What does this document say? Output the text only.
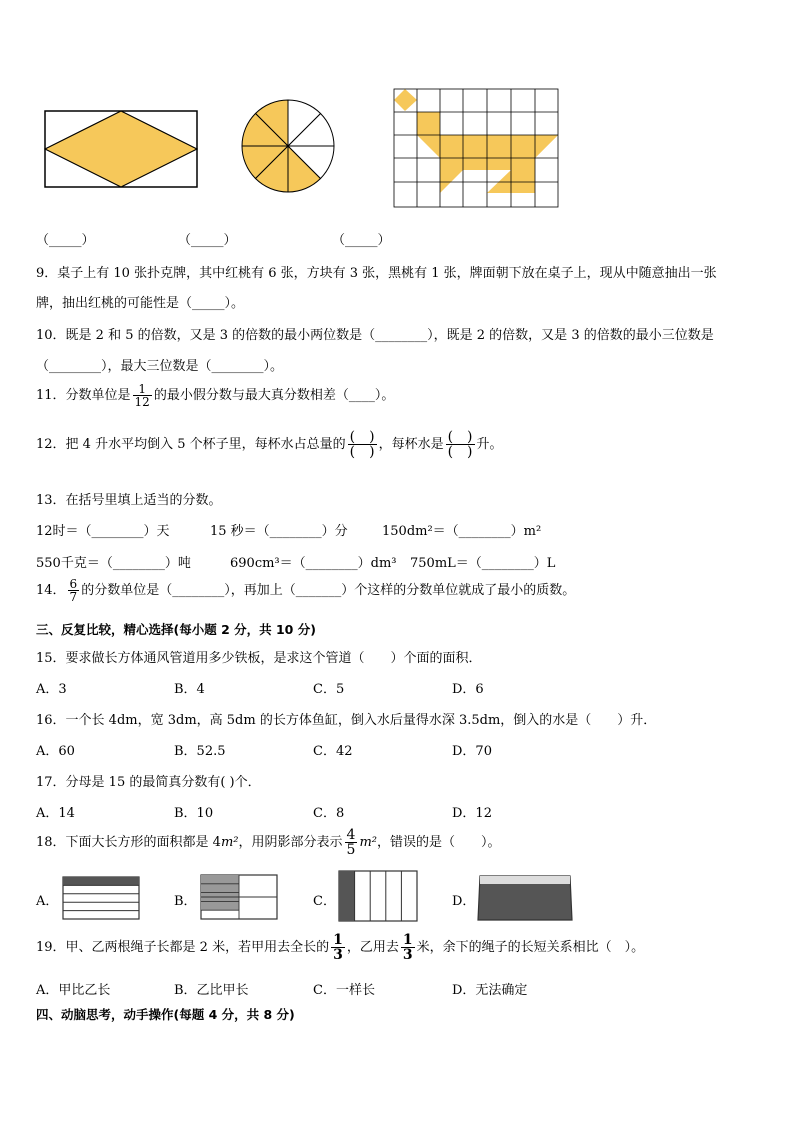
（_____）	（_____）	（_____）
9．桌子上有 10 张扑克牌，其中红桃有 6 张，方块有 3 张，黑桃有 1 张，牌面朝下放在桌子上，现从中随意抽出一张
牌，抽出红桃的可能性是（_____）。
10．既是 2 和 5 的倍数，又是 3 的倍数的最小两位数是（________），既是 2 的倍数，又是 3 的倍数的最小三位数是
（________），最大三位数是（________）。
11．分数单位是 $\frac{1}{12}$ 的最小假分数与最大真分数相差（____）。
12．把 4 升水平均倒入 5 个杯子里，每杯水占总量的 $\frac{( )}{( )}$ ，每杯水是 $\frac{( )}{( )}$ 升。
13．在括号里填上适当的分数。
12时＝（________）天	15 秒＝（________）分	150dm²＝（________）m²
550千克＝（________）吨	690cm³＝（________）dm³ 750mL＝（________）L
14． $\frac{6}{7}$ 的分数单位是（________），再加上（_______）个这样的分数单位就成了最小的质数。
三、反复比较，精心选择(每小题 2 分，共 10 分)
15．要求做长方体通风管道用多少铁板，是求这个管道（　　）个面的面积．
A．3	B．4	C．5	D．6
16．一个长 4dm，宽 3dm，高 5dm 的长方体鱼缸，倒入水后量得水深 3.5dm，倒入的水是（　　）升．
A．60	B．52.5	C．42	D．70
17．分母是 15 的最简真分数有( )个．
A．14	B．10	C．8	D．12
18．下面大长方形的面积都是 4m²，用阴影部分表示 $\frac{4}{5} m^2$，错误的是（　　）。
A．	B．	C．	D．
19．甲、乙两根绳子长都是 2 米，若甲用去全长的 $\frac{1}{3}$ ，乙用去 $\frac{1}{3}$ 米，余下的绳子的长短关系相比（　）。
A．甲比乙长	B．乙比甲长	C．一样长	D．无法确定
四、动脑思考，动手操作(每题 4 分，共 8 分)
